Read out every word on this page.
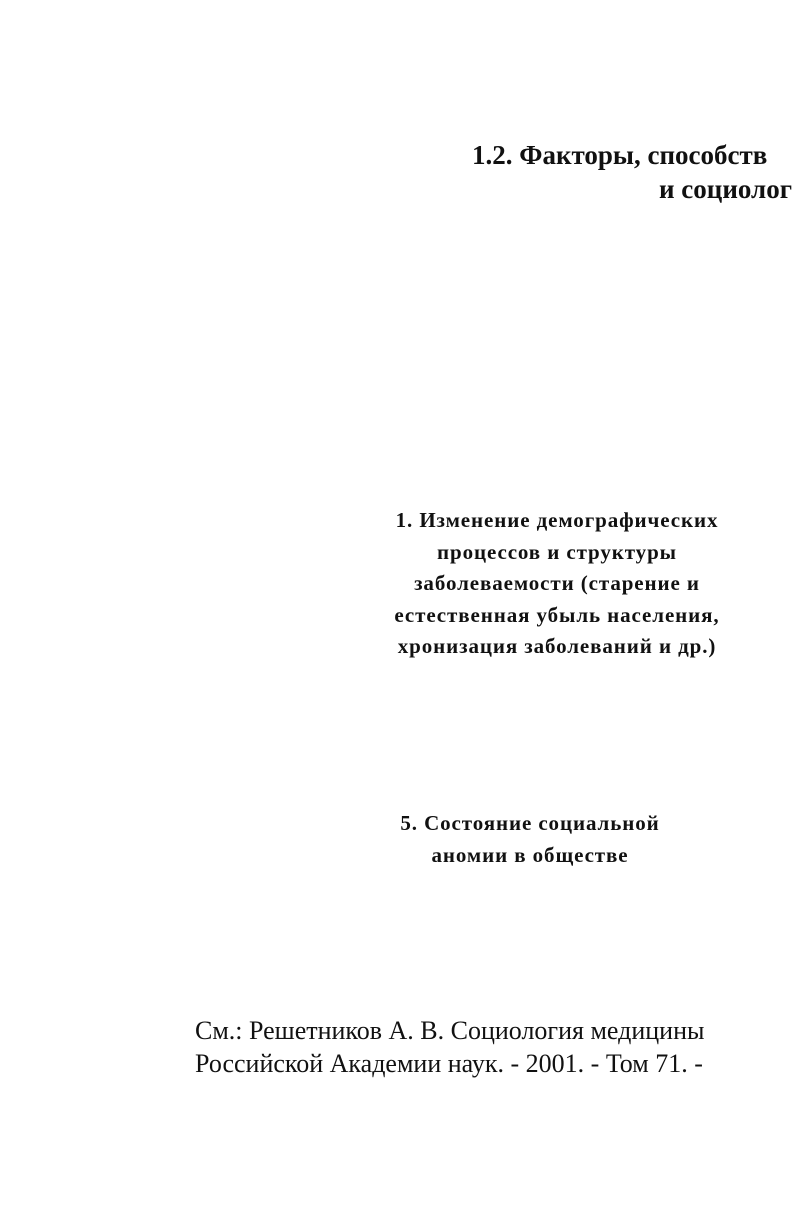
1.2. Факторы, способств
и социолог
1. Изменение демографических
процессов и структуры
заболеваемости (старение и
естественная убыль населения,
хронизация заболеваний и др.)
5. Состояние социальной
аномии в обществе
См.: Решетников А. В. Социология медицины
Российской Академии наук. - 2001. - Том 71. -
